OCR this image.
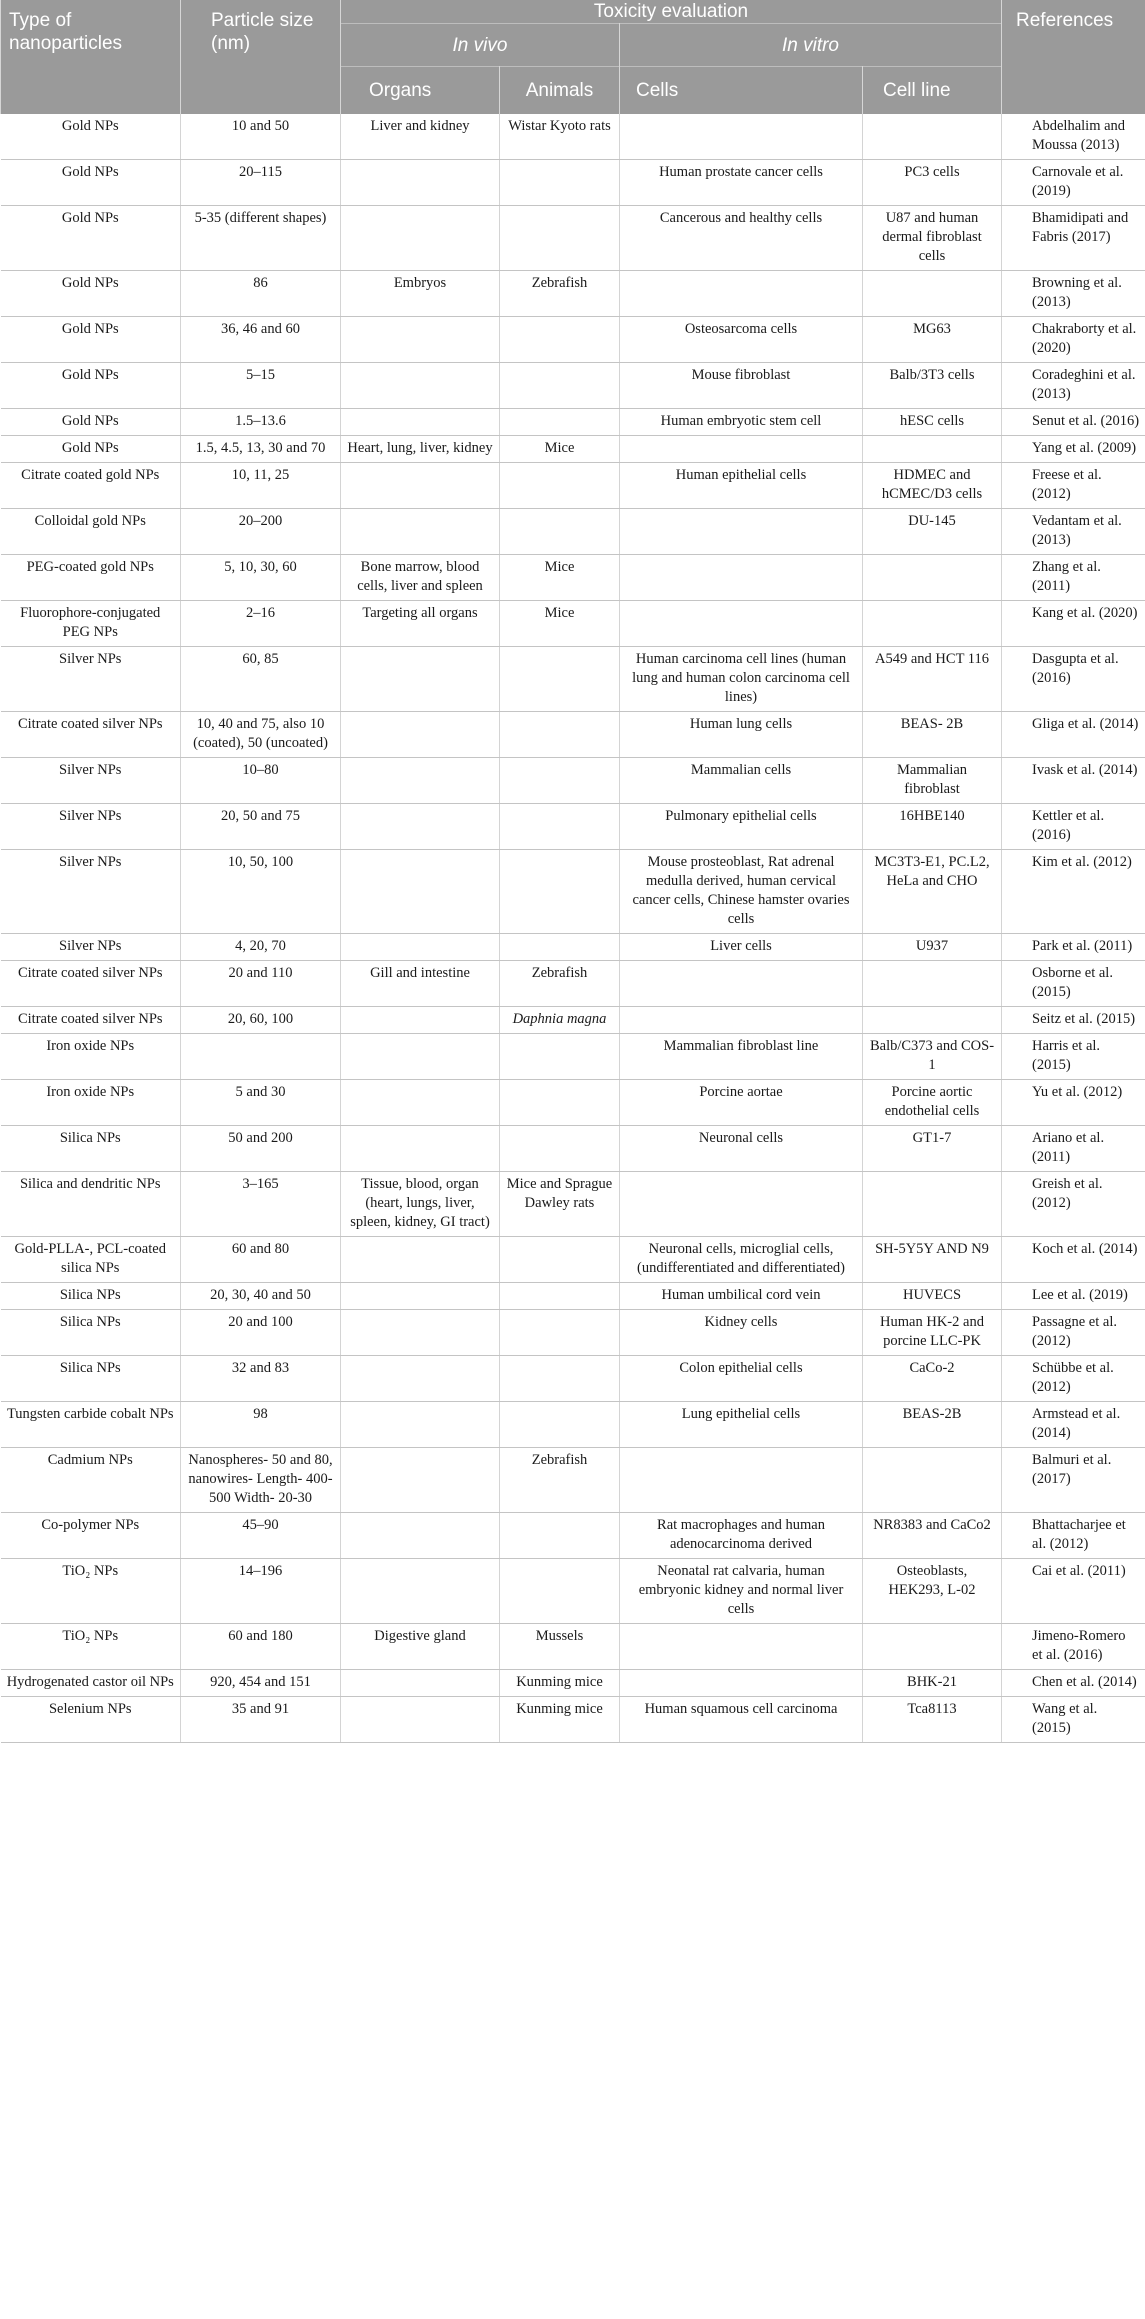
Type of nanoparticles	Particle size (nm)	Toxicity evaluation				References
		In vivo		In vitro		
		Organs	Animals	Cells	Cell line	
Gold NPs	10 and 50	Liver and kidney	Wistar Kyoto rats			Abdelhalim and Moussa (2013)
Gold NPs	20–115			Human prostate cancer cells	PC3 cells	Carnovale et al. (2019)
Gold NPs	5-35 (different shapes)			Cancerous and healthy cells	U87 and human dermal fibroblast cells	Bhamidipati and Fabris (2017)
Gold NPs	86	Embryos	Zebrafish			Browning et al. (2013)
Gold NPs	36, 46 and 60			Osteosarcoma cells	MG63	Chakraborty et al. (2020)
Gold NPs	5–15			Mouse fibroblast	Balb/3T3 cells	Coradeghini et al. (2013)
Gold NPs	1.5–13.6			Human embryotic stem cell	hESC cells	Senut et al. (2016)
Gold NPs	1.5, 4.5, 13, 30 and 70	Heart, lung, liver, kidney	Mice			Yang et al. (2009)
Citrate coated gold NPs	10, 11, 25			Human epithelial cells	HDMEC and hCMEC/D3 cells	Freese et al. (2012)
Colloidal gold NPs	20–200				DU-145	Vedantam et al. (2013)
PEG-coated gold NPs	5, 10, 30, 60	Bone marrow, blood cells, liver and spleen	Mice			Zhang et al. (2011)
Fluorophore-conjugated PEG NPs	2–16	Targeting all organs	Mice			Kang et al. (2020)
Silver NPs	60, 85			Human carcinoma cell lines (human lung and human colon carcinoma cell lines)	A549 and HCT 116	Dasgupta et al. (2016)
Citrate coated silver NPs	10, 40 and 75, also 10 (coated), 50 (uncoated)			Human lung cells	BEAS- 2B	Gliga et al. (2014)
Silver NPs	10–80			Mammalian cells	Mammalian fibroblast	Ivask et al. (2014)
Silver NPs	20, 50 and 75			Pulmonary epithelial cells	16HBE140	Kettler et al. (2016)
Silver NPs	10, 50, 100			Mouse prosteoblast, Rat adrenal medulla derived, human cervical cancer cells, Chinese hamster ovaries cells	MC3T3-E1, PC.L2, HeLa and CHO	Kim et al. (2012)
Silver NPs	4, 20, 70			Liver cells	U937	Park et al. (2011)
Citrate coated silver NPs	20 and 110	Gill and intestine	Zebrafish			Osborne et al. (2015)
Citrate coated silver NPs	20, 60, 100		Daphnia magna			Seitz et al. (2015)
Iron oxide NPs				Mammalian fibroblast line	Balb/C373 and COS-1	Harris et al. (2015)
Iron oxide NPs	5 and 30			Porcine aortae	Porcine aortic endothelial cells	Yu et al. (2012)
Silica NPs	50 and 200			Neuronal cells	GT1-7	Ariano et al. (2011)
Silica and dendritic NPs	3–165	Tissue, blood, organ (heart, lungs, liver, spleen, kidney, GI tract)	Mice and Sprague Dawley rats			Greish et al. (2012)
Gold-PLLA-, PCL-coated silica NPs	60 and 80			Neuronal cells, microglial cells, (undifferentiated and differentiated)	SH-5Y5Y AND N9	Koch et al. (2014)
Silica NPs	20, 30, 40 and 50			Human umbilical cord vein	HUVECS	Lee et al. (2019)
Silica NPs	20 and 100			Kidney cells	Human HK-2 and porcine LLC-PK	Passagne et al. (2012)
Silica NPs	32 and 83			Colon epithelial cells	CaCo-2	Schübbe et al. (2012)
Tungsten carbide cobalt NPs	98			Lung epithelial cells	BEAS-2B	Armstead et al. (2014)
Cadmium NPs	Nanospheres- 50 and 80, nanowires- Length- 400-500 Width- 20-30		Zebrafish			Balmuri et al. (2017)
Co-polymer NPs	45–90			Rat macrophages and human adenocarcinoma derived	NR8383 and CaCo2	Bhattacharjee et al. (2012)
TiO₂ NPs	14–196			Neonatal rat calvaria, human embryonic kidney and normal liver cells	Osteoblasts, HEK293, L-02	Cai et al. (2011)
TiO₂ NPs	60 and 180	Digestive gland	Mussels			Jimeno-Romero et al. (2016)
Hydrogenated castor oil NPs	920, 454 and 151		Kunming mice		BHK-21	Chen et al. (2014)
Selenium NPs	35 and 91		Kunming mice	Human squamous cell carcinoma	Tca8113	Wang et al. (2015)
